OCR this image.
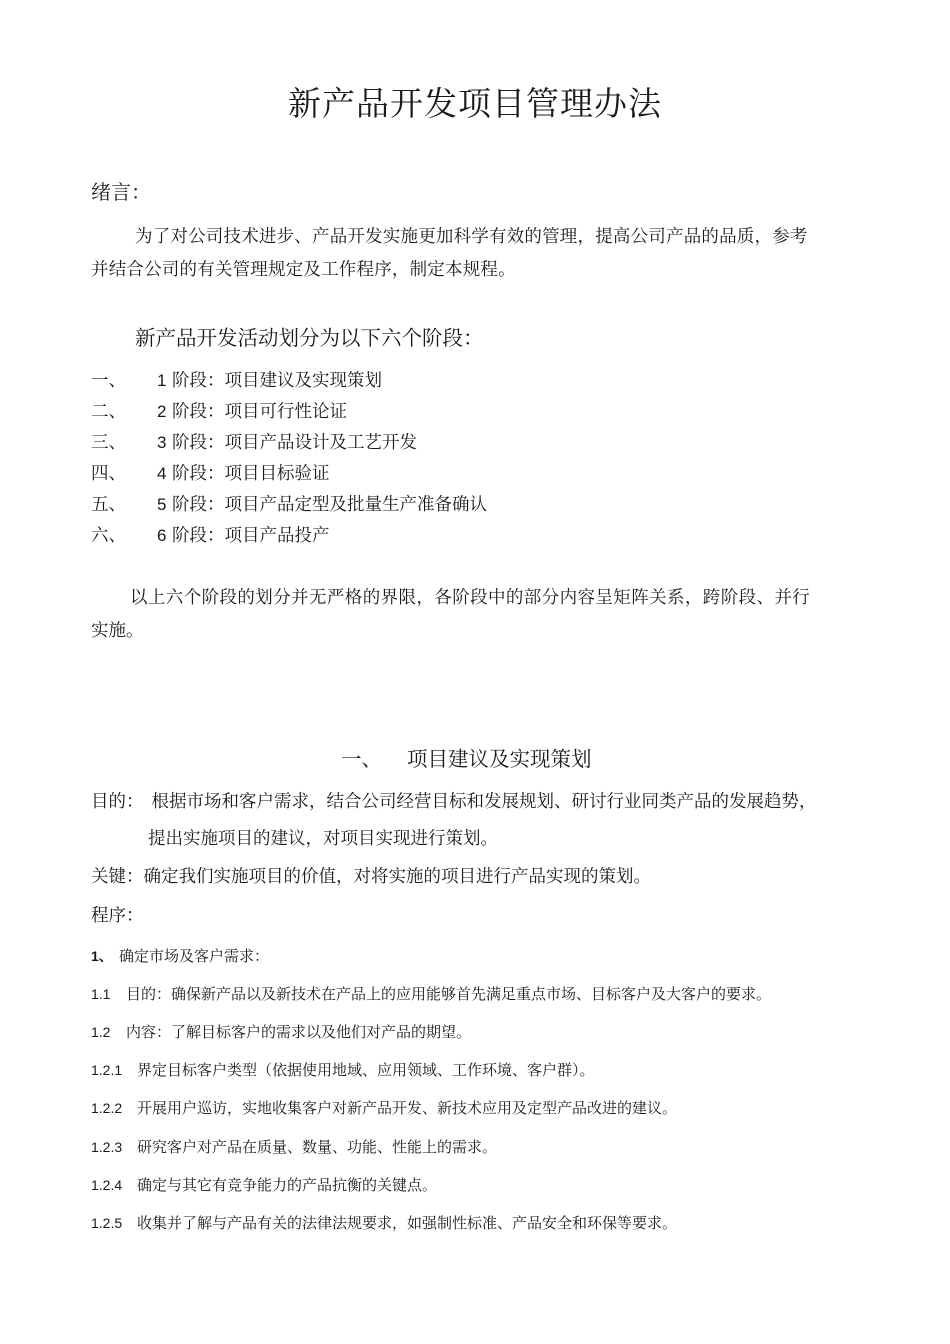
新产品开发项目管理办法
绪言：
为了对公司技术进步、产品开发实施更加科学有效的管理，提高公司产品的品质，参考
并结合公司的有关管理规定及工作程序，制定本规程。
新产品开发活动划分为以下六个阶段：
一、 1 阶段：项目建议及实现策划
二、 2 阶段：项目可行性论证
三、 3 阶段：项目产品设计及工艺开发
四、 4 阶段：项目目标验证
五、 5 阶段：项目产品定型及批量生产准备确认
六、 6 阶段：项目产品投产
以上六个阶段的划分并无严格的界限，各阶段中的部分内容呈矩阵关系，跨阶段、并行
实施。
一、 项目建议及实现策划
目的： 根据市场和客户需求，结合公司经营目标和发展规划、研讨行业同类产品的发展趋势，
提出实施项目的建议，对项目实现进行策划。
关键：确定我们实施项目的价值，对将实施的项目进行产品实现的策划。
程序：
1、 确定市场及客户需求：
1.1 目的：确保新产品以及新技术在产品上的应用能够首先满足重点市场、目标客户及大客户的要求。
1.2 内容：了解目标客户的需求以及他们对产品的期望。
1.2.1 界定目标客户类型（依据使用地域、应用领域、工作环境、客户群）。
1.2.2 开展用户巡访，实地收集客户对新产品开发、新技术应用及定型产品改进的建议。
1.2.3 研究客户对产品在质量、数量、功能、性能上的需求。
1.2.4 确定与其它有竞争能力的产品抗衡的关键点。
1.2.5 收集并了解与产品有关的法律法规要求，如强制性标准、产品安全和环保等要求。
